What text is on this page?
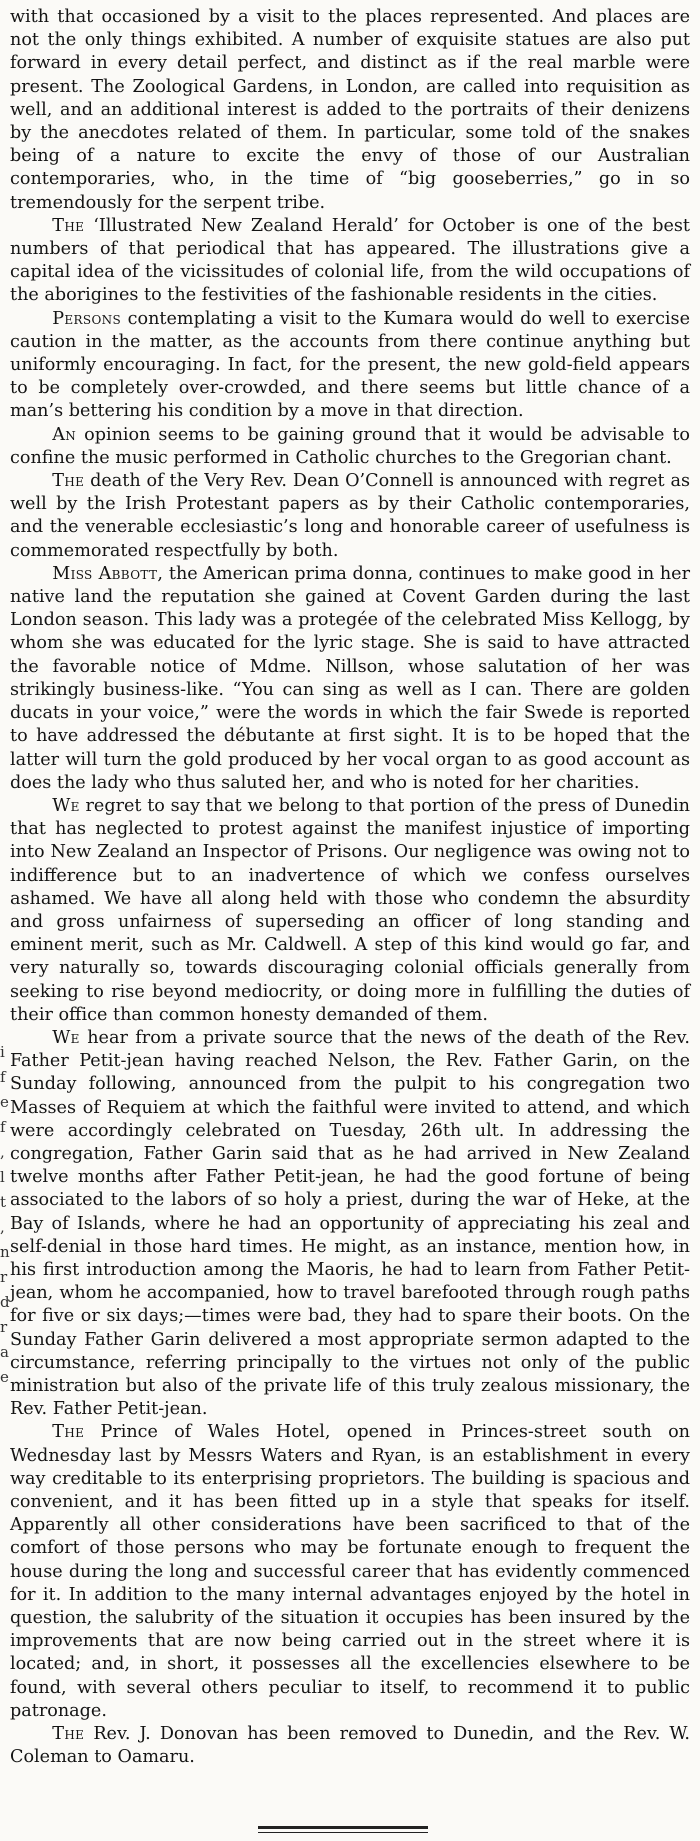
with that occasioned by a visit to the places represented. And places are not the only things exhibited. A number of exquisite statues are also put forward in every detail perfect, and distinct as if the real marble were present. The Zoological Gardens, in London, are called into requisition as well, and an additional interest is added to the portraits of their denizens by the anecdotes related of them. In particular, some told of the snakes being of a nature to excite the envy of those of our Australian contemporaries, who, in the time of “big gooseberries,” go in so tremendously for the serpent tribe.

The ‘Illustrated New Zealand Herald’ for October is one of the best numbers of that periodical that has appeared. The illustrations give a capital idea of the vicissitudes of colonial life, from the wild occupations of the aborigines to the festivities of the fashionable residents in the cities.

Persons contemplating a visit to the Kumara would do well to exercise caution in the matter, as the accounts from there continue anything but uniformly encouraging. In fact, for the present, the new gold-field appears to be completely over-crowded, and there seems but little chance of a man’s bettering his condition by a move in that direction.

An opinion seems to be gaining ground that it would be advisable to confine the music performed in Catholic churches to the Gregorian chant.

The death of the Very Rev. Dean O’Connell is announced with regret as well by the Irish Protestant papers as by their Catholic contemporaries, and the venerable ecclesiastic’s long and honorable career of usefulness is commemorated respectfully by both.

Miss Abbott, the American prima donna, continues to make good in her native land the reputation she gained at Covent Garden during the last London season. This lady was a protegée of the celebrated Miss Kellogg, by whom she was educated for the lyric stage. She is said to have attracted the favorable notice of Mdme. Nillson, whose salutation of her was strikingly business-like. “You can sing as well as I can. There are golden ducats in your voice,” were the words in which the fair Swede is reported to have addressed the débutante at first sight. It is to be hoped that the latter will turn the gold produced by her vocal organ to as good account as does the lady who thus saluted her, and who is noted for her charities.

We regret to say that we belong to that portion of the press of Dunedin that has neglected to protest against the manifest injustice of importing into New Zealand an Inspector of Prisons. Our negligence was owing not to indifference but to an inadvertence of which we confess ourselves ashamed. We have all along held with those who condemn the absurdity and gross unfairness of superseding an officer of long standing and eminent merit, such as Mr. Caldwell. A step of this kind would go far, and very naturally so, towards discouraging colonial officials generally from seeking to rise beyond mediocrity, or doing more in fulfilling the duties of their office than common honesty demanded of them.

We hear from a private source that the news of the death of the Rev. Father Petit-jean having reached Nelson, the Rev. Father Garin, on the Sunday following, announced from the pulpit to his congregation two Masses of Requiem at which the faithful were invited to attend, and which were accordingly celebrated on Tuesday, 26th ult. In addressing the congregation, Father Garin said that as he had arrived in New Zealand twelve months after Father Petit-jean, he had the good fortune of being associated to the labors of so holy a priest, during the war of Heke, at the Bay of Islands, where he had an opportunity of appreciating his zeal and self-denial in those hard times. He might, as an instance, mention how, in his first introduction among the Maoris, he had to learn from Father Petit-jean, whom he accompanied, how to travel barefooted through rough paths for five or six days;—times were bad, they had to spare their boots. On the Sunday Father Garin delivered a most appropriate sermon adapted to the circumstance, referring principally to the virtues not only of the public ministration but also of the private life of this truly zealous missionary, the Rev. Father Petit-jean.

The Prince of Wales Hotel, opened in Princes-street south on Wednesday last by Messrs Waters and Ryan, is an establishment in every way creditable to its enterprising proprietors. The building is spacious and convenient, and it has been fitted up in a style that speaks for itself. Apparently all other considerations have been sacrificed to that of the comfort of those persons who may be fortunate enough to frequent the house during the long and successful career that has evidently commenced for it. In addition to the many internal advantages enjoyed by the hotel in question, the salubrity of the situation it occupies has been insured by the improvements that are now being carried out in the street where it is located; and, in short, it possesses all the excellencies elsewhere to be found, with several others peculiar to itself, to recommend it to public patronage.

The Rev. J. Donovan has been removed to Dunedin, and the Rev. W. Coleman to Oamaru.

i
f
e
f
,
l
t
,
n
r
d
r
a
e
